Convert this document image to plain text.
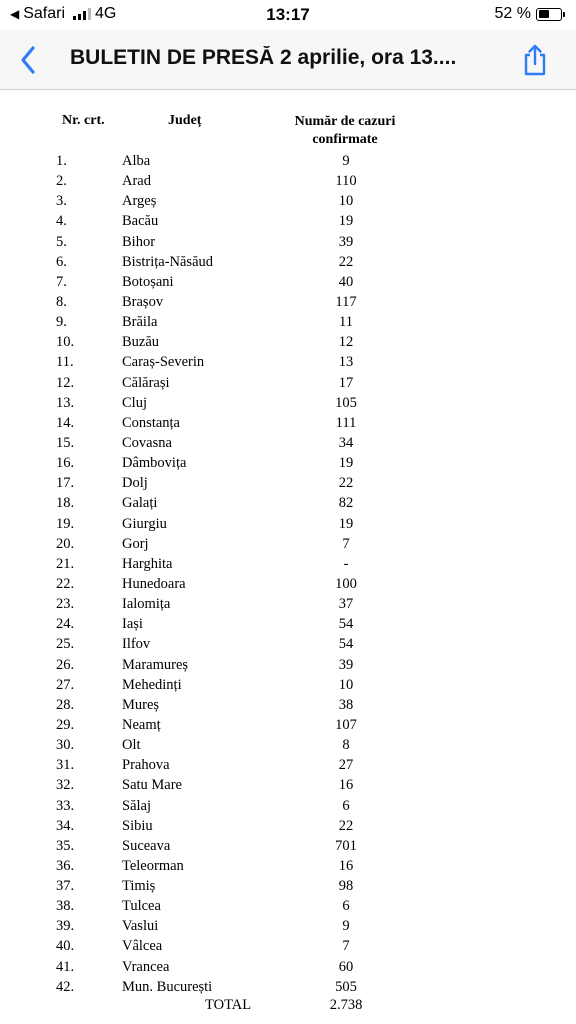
◀ Safari 4G	13:17	52 %
BULETIN DE PRESĂ 2 aprilie, ora 13....
Nr. crt.	Județ	Număr de cazuri
confirmate
1.	Alba	9
2.	Arad	110
3.	Argeș	10
4.	Bacău	19
5.	Bihor	39
6.	Bistrița-Năsăud	22
7.	Botoșani	40
8.	Brașov	117
9.	Brăila	11
10.	Buzău	12
11.	Caraș-Severin	13
12.	Călărași	17
13.	Cluj	105
14.	Constanța	111
15.	Covasna	34
16.	Dâmbovița	19
17.	Dolj	22
18.	Galați	82
19.	Giurgiu	19
20.	Gorj	7
21.	Harghita	-
22.	Hunedoara	100
23.	Ialomița	37
24.	Iași	54
25.	Ilfov	54
26.	Maramureș	39
27.	Mehedinți	10
28.	Mureș	38
29.	Neamț	107
30.	Olt	8
31.	Prahova	27
32.	Satu Mare	16
33.	Sălaj	6
34.	Sibiu	22
35.	Suceava	701
36.	Teleorman	16
37.	Timiș	98
38.	Tulcea	6
39.	Vaslui	9
40.	Vâlcea	7
41.	Vrancea	60
42.	Mun. București	505
TOTAL	2.738
